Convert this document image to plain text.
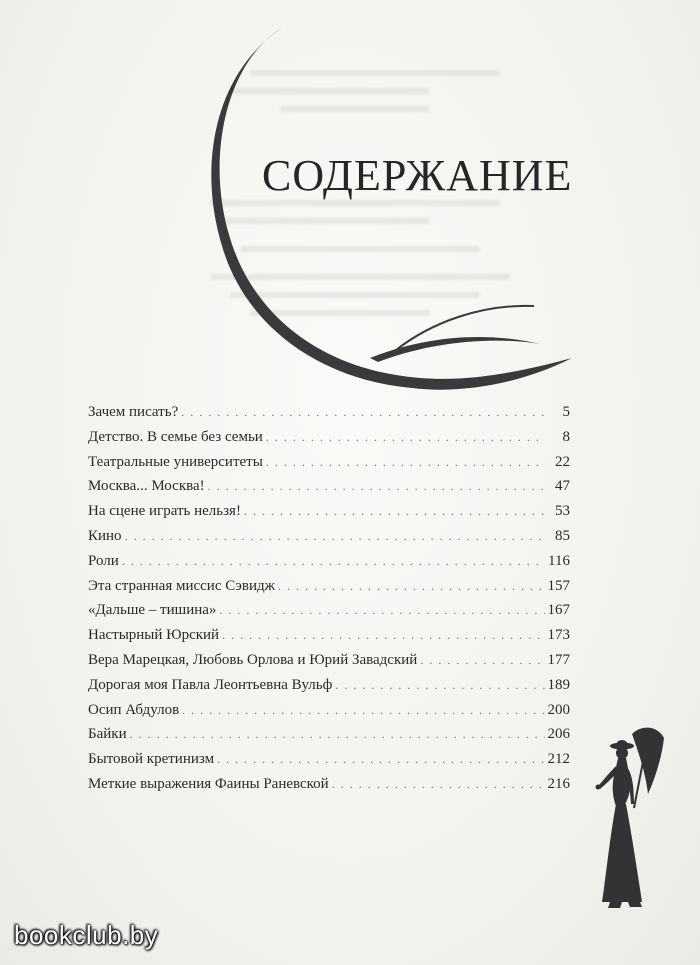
СОДЕРЖАНИЕ
Зачем писать? . . .	5
Детство. В семье без семьи . . .	8
Театральные университеты . . .	22
Москва... Москва! . . .	47
На сцене играть нельзя! . . .	53
Кино . . .	85
Роли . . .	116
Эта странная миссис Сэвидж . . .	157
«Дальше – тишина» . . .	167
Настырный Юрский . . .	173
Вера Марецкая, Любовь Орлова и Юрий Завадский . . .	177
Дорогая моя Павла Леонтьевна Вульф . . .	189
Осип Абдулов . . .	200
Байки . . .	206
Бытовой кретинизм . . .	212
Меткие выражения Фаины Раневской . . .	216
bookclub.by
